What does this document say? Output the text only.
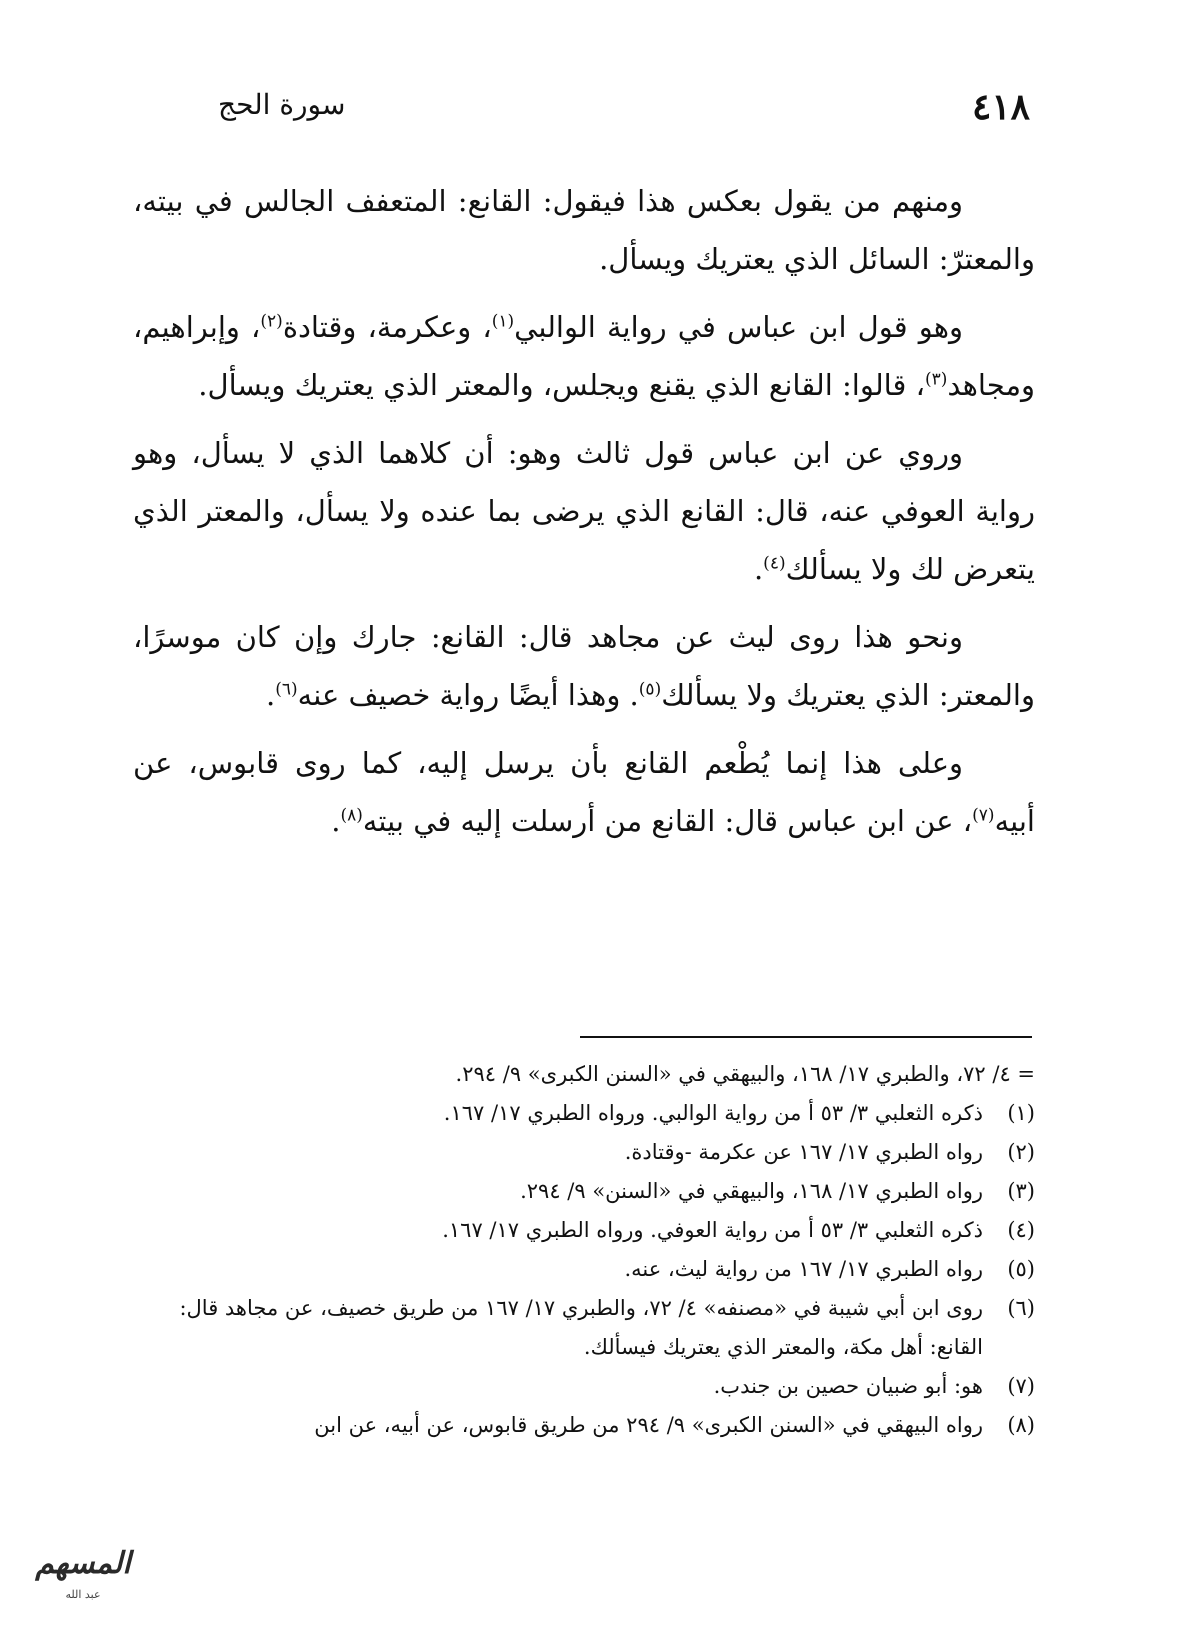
٤١٨
سورة الحج

ومنهم من يقول بعكس هذا فيقول: القانع: المتعفف الجالس في بيته، والمعترّ: السائل الذي يعتريك ويسأل.

وهو قول ابن عباس في رواية الوالبي$^{(١)}$، وعكرمة، وقتادة$^{(٢)}$، وإبراهيم، ومجاهد$^{(٣)}$، قالوا: القانع الذي يقنع ويجلس، والمعتر الذي يعتريك ويسأل.

وروي عن ابن عباس قول ثالث وهو: أن كلاهما الذي لا يسأل، وهو رواية العوفي عنه، قال: القانع الذي يرضى بما عنده ولا يسأل، والمعتر الذي يتعرض لك ولا يسألك$^{(٤)}$.

ونحو هذا روى ليث عن مجاهد قال: القانع: جارك وإن كان موسرًا، والمعتر: الذي يعتريك ولا يسألك$^{(٥)}$. وهذا أيضًا رواية خصيف عنه$^{(٦)}$.

وعلى هذا إنما يُطْعم القانع بأن يرسل إليه، كما روى قابوس، عن أبيه$^{(٧)}$، عن ابن عباس قال: القانع من أرسلت إليه في بيته$^{(٨)}$.

= ٤/ ٧٢، والطبري ١٧/ ١٦٨، والبيهقي في «السنن الكبرى» ٩/ ٢٩٤.

(١)
ذكره الثعلبي ٣/ ٥٣ أ من رواية الوالبي. ورواه الطبري ١٧/ ١٦٧.

(٢)
رواه الطبري ١٧/ ١٦٧ عن عكرمة -وقتادة.

(٣)
رواه الطبري ١٧/ ١٦٨، والبيهقي في «السنن» ٩/ ٢٩٤.

(٤)
ذكره الثعلبي ٣/ ٥٣ أ من رواية العوفي. ورواه الطبري ١٧/ ١٦٧.

(٥)
رواه الطبري ١٧/ ١٦٧ من رواية ليث، عنه.

(٦)
روى ابن أبي شيبة في «مصنفه» ٤/ ٧٢، والطبري ١٧/ ١٦٧ من طريق خصيف، عن مجاهد قال: القانع: أهل مكة، والمعتر الذي يعتريك فيسألك.

(٧)
هو: أبو ضبيان حصين بن جندب.

(٨)
رواه البيهقي في «السنن الكبرى» ٩/ ٢٩٤ من طريق قابوس، عن أبيه، عن ابن

المسهم
عبد الله
